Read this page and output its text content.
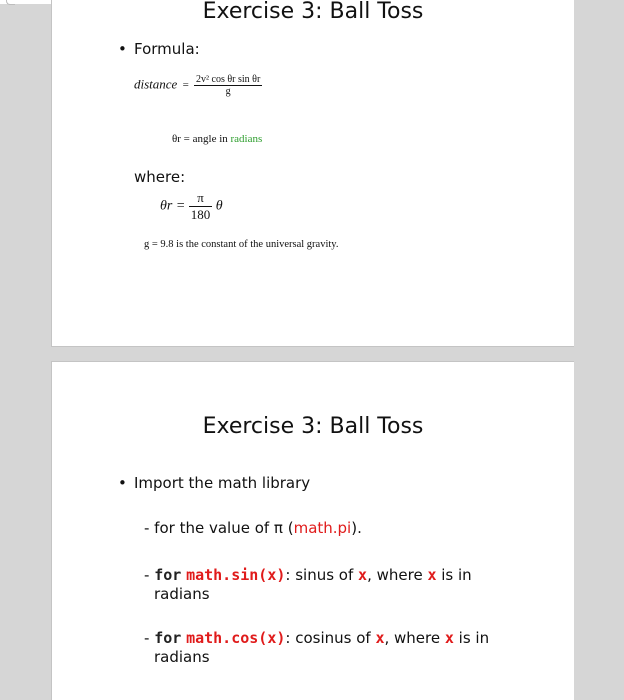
Exercise 3: Ball Toss
• Formula:
distance = $\frac{\text{2v² cos θr sin θr}}{g}$
θr = angle in radians
where:
$\theta r = \frac{\pi}{180}$ θ
g = 9.8 is the constant of the universal gravity.
Exercise 3: Ball Toss
• Import the math library
- for the value of π (math.pi).
- for math.sin(x): sinus of x, where x is in
radians
- for math.cos(x): cosinus of x, where x is in
radians
